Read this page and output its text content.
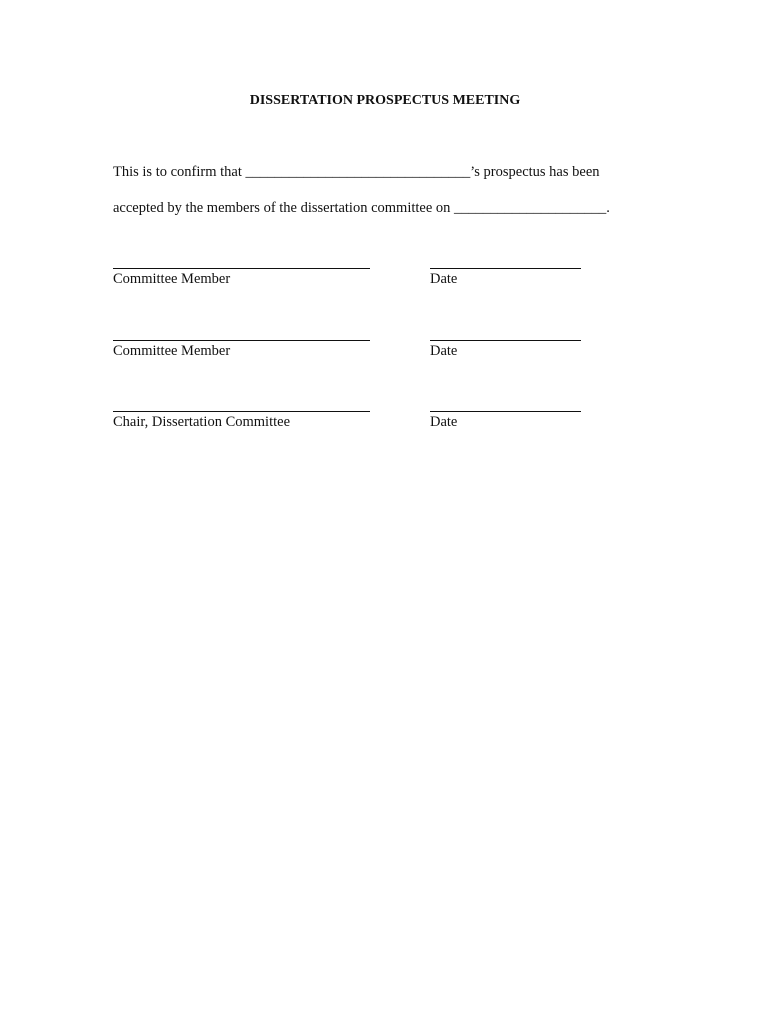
DISSERTATION PROSPECTUS MEETING
This is to confirm that _______________________________’s prospectus has been
accepted by the members of the dissertation committee on _____________________.
Committee Member	Date
Committee Member	Date
Chair, Dissertation Committee	Date
